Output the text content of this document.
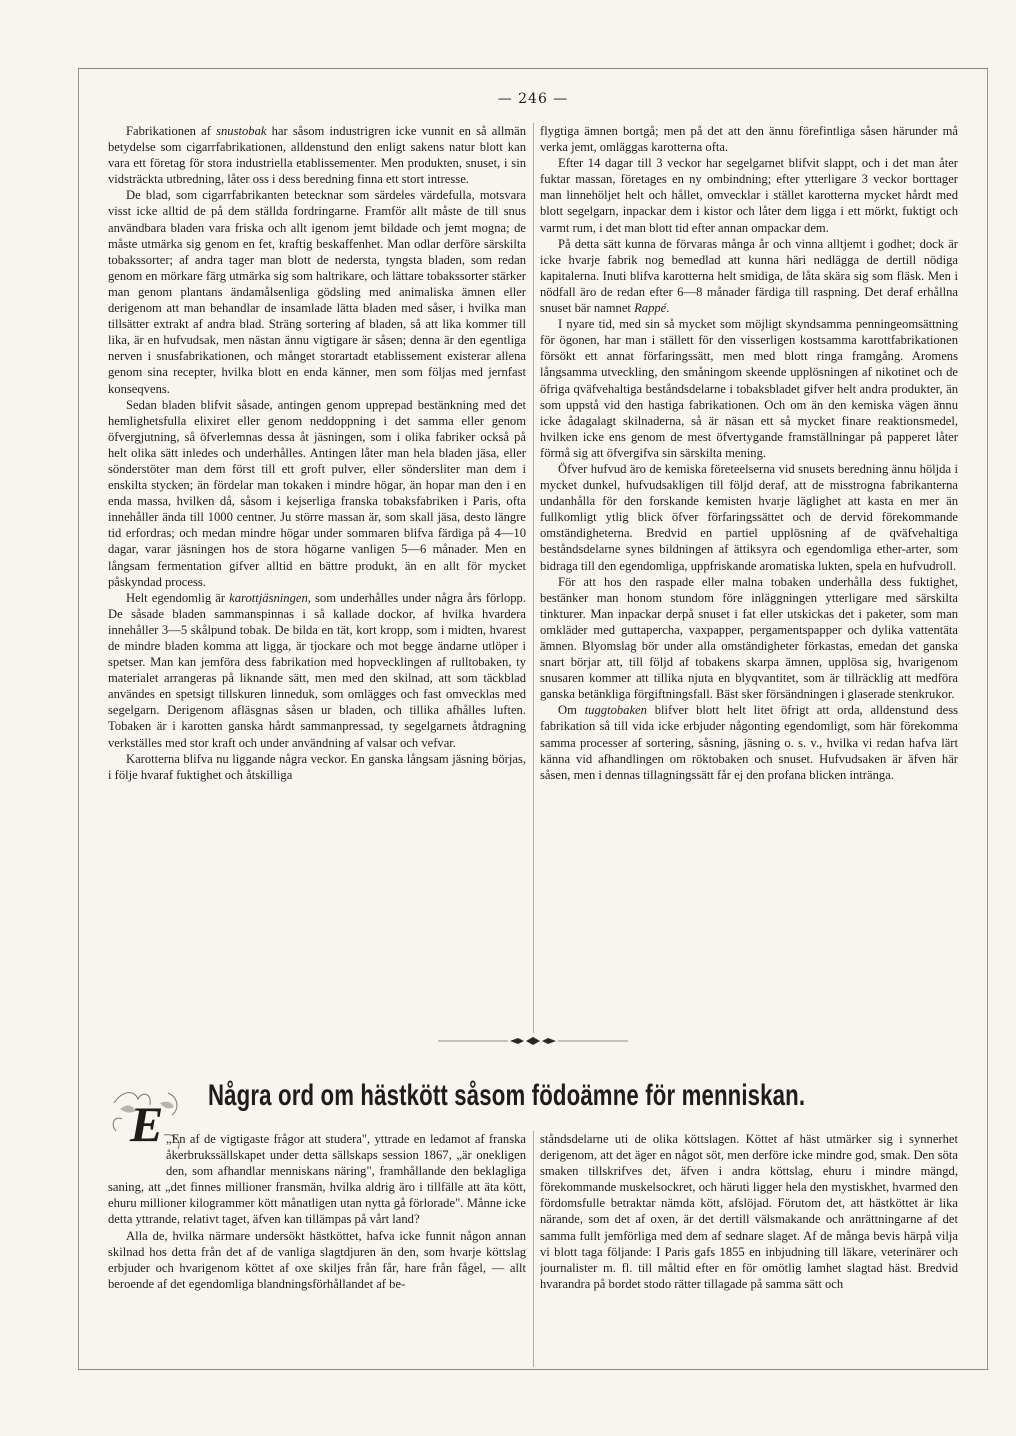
— 246 —

Fabrikationen af snustobak har såsom industrigren icke vunnit en så allmän betydelse som cigarrfabrikationen, alldenstund den enligt sakens natur blott kan vara ett företag för stora industriella etablissementer. Men produkten, snuset, i sin vidsträckta utbredning, låter oss i dess beredning finna ett stort intresse.

De blad, som cigarrfabrikanten betecknar som särdeles värdefulla, motsvara visst icke alltid de på dem ställda fordringarne. Framför allt måste de till snus användbara bladen vara friska och allt igenom jemt bildade och jemt mogna; de måste utmärka sig genom en fet, kraftig beskaffenhet. Man odlar derföre särskilta tobakssorter; af andra tager man blott de nedersta, tyngsta bladen, som redan genom en mörkare färg utmärka sig som haltrikare, och lättare tobakssorter stärker man genom plantans ändamålsenliga gödsling med animaliska ämnen eller derigenom att man behandlar de insamlade lätta bladen med såser, i hvilka man tillsätter extrakt af andra blad. Sträng sortering af bladen, så att lika kommer till lika, är en hufvudsak, men nästan ännu vigtigare är såsen; denna är den egentliga nerven i snusfabrikationen, och månget storartadt etablissement existerar allena genom sina recepter, hvilka blott en enda känner, men som följas med jernfast konseqvens.

Sedan bladen blifvit såsade, antingen genom upprepad bestänkning med det hemlighetsfulla elixiret eller genom neddoppning i det samma eller genom öfvergjutning, så öfverlemnas dessa åt jäsningen, som i olika fabriker också på helt olika sätt inledes och underhålles. Antingen låter man hela bladen jäsa, eller sönderstöter man dem först till ett groft pulver, eller söndersliter man dem i enskilta stycken; än fördelar man tokaken i mindre högar, än hopar man den i en enda massa, hvilken då, såsom i kejserliga franska tobaksfabriken i Paris, ofta innehåller ända till 1000 centner. Ju större massan är, som skall jäsa, desto längre tid erfordras; och medan mindre högar under sommaren blifva färdiga på 4—10 dagar, varar jäsningen hos de stora högarne vanligen 5—6 månader. Men en långsam fermentation gifver alltid en bättre produkt, än en allt för mycket påskyndad process.

Helt egendomlig är karottjäsningen, som underhålles under några års förlopp. De såsade bladen sammanspinnas i så kallade dockor, af hvilka hvardera innehåller 3—5 skålpund tobak. De bilda en tät, kort kropp, som i midten, hvarest de mindre bladen komma att ligga, är tjockare och mot begge ändarne utlöper i spetser. Man kan jemföra dess fabrikation med hopvecklingen af rulltobaken, ty materialet arrangeras på liknande sätt, men med den skilnad, att som täckblad användes en spetsigt tillskuren linneduk, som omlägges och fast omvecklas med segelgarn. Derigenom afläsgnas såsen ur bladen, och tillika afhålles luften. Tobaken är i karotten ganska hårdt sammanpressad, ty segelgarnets åtdragning verkställes med stor kraft och under användning af valsar och vefvar.

Karotterna blifva nu liggande några veckor. En ganska långsam jäsning börjas, i följe hvaraf fuktighet och åtskilliga

flygtiga ämnen bortgå; men på det att den ännu förefintliga såsen härunder må verka jemt, omläggas karotterna ofta.

Efter 14 dagar till 3 veckor har segelgarnet blifvit slappt, och i det man åter fuktar massan, företages en ny ombindning; efter ytterligare 3 veckor borttager man linnehöljet helt och hållet, omvecklar i stället karotterna mycket hårdt med blott segelgarn, inpackar dem i kistor och låter dem ligga i ett mörkt, fuktigt och varmt rum, i det man blott tid efter annan ompackar dem.

På detta sätt kunna de förvaras många år och vinna alltjemt i godhet; dock är icke hvarje fabrik nog bemedlad att kunna häri nedlägga de dertill nödiga kapitalerna. Inuti blifva karotterna helt smidiga, de låta skära sig som fläsk. Men i nödfall äro de redan efter 6—8 månader färdiga till raspning. Det deraf erhållna snuset bär namnet Rappé.

I nyare tid, med sin så mycket som möjligt skyndsamma penningeomsättning för ögonen, har man i ställett för den visserligen kostsamma karottfabrikationen försökt ett annat förfaringssätt, men med blott ringa framgång. Aromens långsamma utveckling, den småningom skeende upplösningen af nikotinet och de öfriga qväfvehaltiga beståndsdelarne i tobaksbladet gifver helt andra produkter, än som uppstå vid den hastiga fabrikationen. Och om än den kemiska vägen ännu icke ådagalagt skilnaderna, så är näsan ett så mycket finare reaktionsmedel, hvilken icke ens genom de mest öfvertygande framställningar på papperet låter förmå sig att öfvergifva sin särskilta mening.

Öfver hufvud äro de kemiska företeelserna vid snusets beredning ännu höljda i mycket dunkel, hufvudsakligen till följd deraf, att de misstrogna fabrikanterna undanhålla för den forskande kemisten hvarje läglighet att kasta en mer än fullkomligt ytlig blick öfver förfaringssättet och de dervid förekommande omständigheterna. Bredvid en partiel upplösning af de qväfvehaltiga beståndsdelarne synes bildningen af ättiksyra och egendomliga ether-arter, som bidraga till den egendomliga, uppfriskande aromatiska lukten, spela en hufvudroll.

För att hos den raspade eller malna tobaken underhålla dess fuktighet, bestänker man honom stundom före inläggningen ytterligare med särskilta tinkturer. Man inpackar derpå snuset i fat eller utskickas det i paketer, som man omkläder med guttapercha, vaxpapper, pergamentspapper och dylika vattentäta ämnen. Blyomslag bör under alla omständigheter förkastas, emedan det ganska snart börjar att, till följd af tobakens skarpa ämnen, upplösa sig, hvarigenom snusaren kommer att tillika njuta en blyqvantitet, som är tillräcklig att medföra ganska betänkliga förgiftningsfall. Bäst sker försändningen i glaserade stenkrukor.

Om tuggtobaken blifver blott helt litet öfrigt att orda, alldenstund dess fabrikation så till vida icke erbjuder någonting egendomligt, som här förekomma samma processer af sortering, såsning, jäsning o. s. v., hvilka vi redan hafva lärt känna vid afhandlingen om röktobaken och snuset. Hufvudsaken är äfven här såsen, men i dennas tillagningssätt får ej den profana blicken inträngа.

E
Några ord om hästkött såsom födoämne för menniskan.

„En af de vigtigaste frågor att studera", yttrade en ledamot af franska åkerbrukssällskapet under detta sällskaps session 1867, „är onekligen den, som afhandlar menniskans näring", framhållande den beklagliga saning, att „det finnes millioner fransmän, hvilka aldrig äro i tillfälle att äta kött, ehuru millioner kilogrammer kött månatligen utan nytta gå förlorade". Månne icke detta yttrande, relativt taget, äfven kan tillämpas på vårt land?

Alla de, hvilka närmare undersökt hästköttet, hafva icke funnit någon annan skilnad hos detta från det af de vanliga slagtdjuren än den, som hvarje köttslag erbjuder och hvarigenom köttet af oxe skiljes från får, hare från fågel, — allt beroende af det egendomliga blandningsförhållandet af be-

ståndsdelarne uti de olika köttslagen. Köttet af häst utmärker sig i synnerhet derigenom, att det äger en något söt, men derföre icke mindre god, smak. Den söta smaken tillskrifves det, äfven i andra köttslag, ehuru i mindre mängd, förekommande muskelsockret, och häruti ligger hela den mystiskhet, hvarmed den fördomsfulle betraktar nämda kött, afslöjad. Förutom det, att hästköttet är lika närande, som det af oxen, är det dertill välsmakande och anrättningarne af det samma fullt jemförliga med dem af sednare slaget. Af de många bevis härpå vilja vi blott taga följande: I Paris gafs 1855 en inbjudning till läkare, veterinärer och journalister m. fl. till måltid efter en för omötlig lamhet slagtad häst. Bredvid hvarandra på bordet stodo rätter tillagade på samma sätt och
